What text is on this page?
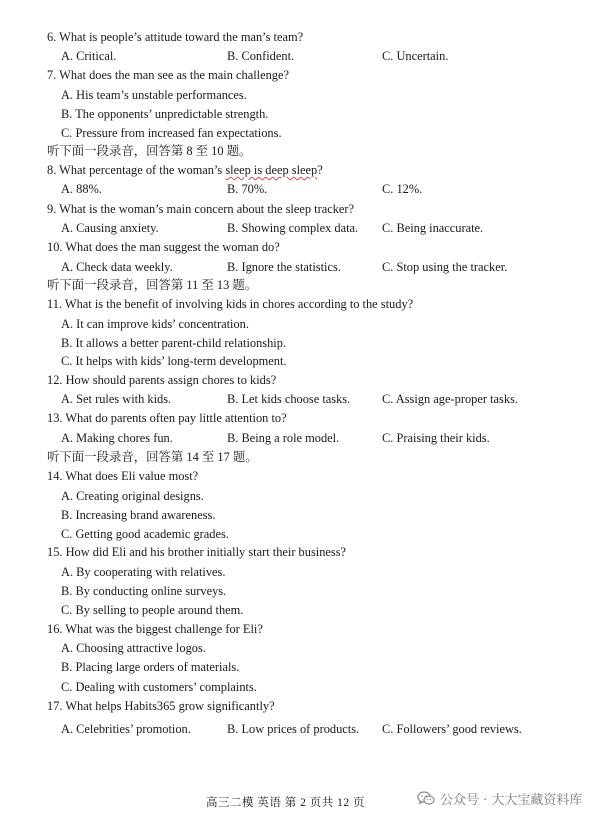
6. What is people’s attitude toward the man’s team?
A. Critical.	B. Confident.	C. Uncertain.
7. What does the man see as the main challenge?
A. His team’s unstable performances.
B. The opponents’ unpredictable strength.
C. Pressure from increased fan expectations.
听下面一段录音，回答第 8 至 10 题。
8. What percentage of the woman’s sleep is deep sleep?
A. 88%.	B. 70%.	C. 12%.
9. What is the woman’s main concern about the sleep tracker?
A. Causing anxiety.	B. Showing complex data. C. Being inaccurate.
10. What does the man suggest the woman do?
A. Check data weekly.	B. Ignore the statistics.	C. Stop using the tracker.
听下面一段录音，回答第 11 至 13 题。
11. What is the benefit of involving kids in chores according to the study?
A. It can improve kids’ concentration.
B. It allows a better parent-child relationship.
C. It helps with kids’ long-term development.
12. How should parents assign chores to kids?
A. Set rules with kids.	B. Let kids choose tasks.	C. Assign age-proper tasks.
13. What do parents often pay little attention to?
A. Making chores fun.	B. Being a role model.	C. Praising their kids.
听下面一段录音，回答第 14 至 17 题。
14. What does Eli value most?
A. Creating original designs.
B. Increasing brand awareness.
C. Getting good academic grades.
15. How did Eli and his brother initially start their business?
A. By cooperating with relatives.
B. By conducting online surveys.
C. By selling to people around them.
16. What was the biggest challenge for Eli?
A. Choosing attractive logos.
B. Placing large orders of materials.
C. Dealing with customers’ complaints.
17. What helps Habits365 grow significantly?
A. Celebrities’ promotion.	B. Low prices of products. C. Followers’ good reviews.
高三二模 英语 第 2 页共 12 页	公众号 · 大大宝藏资料库
